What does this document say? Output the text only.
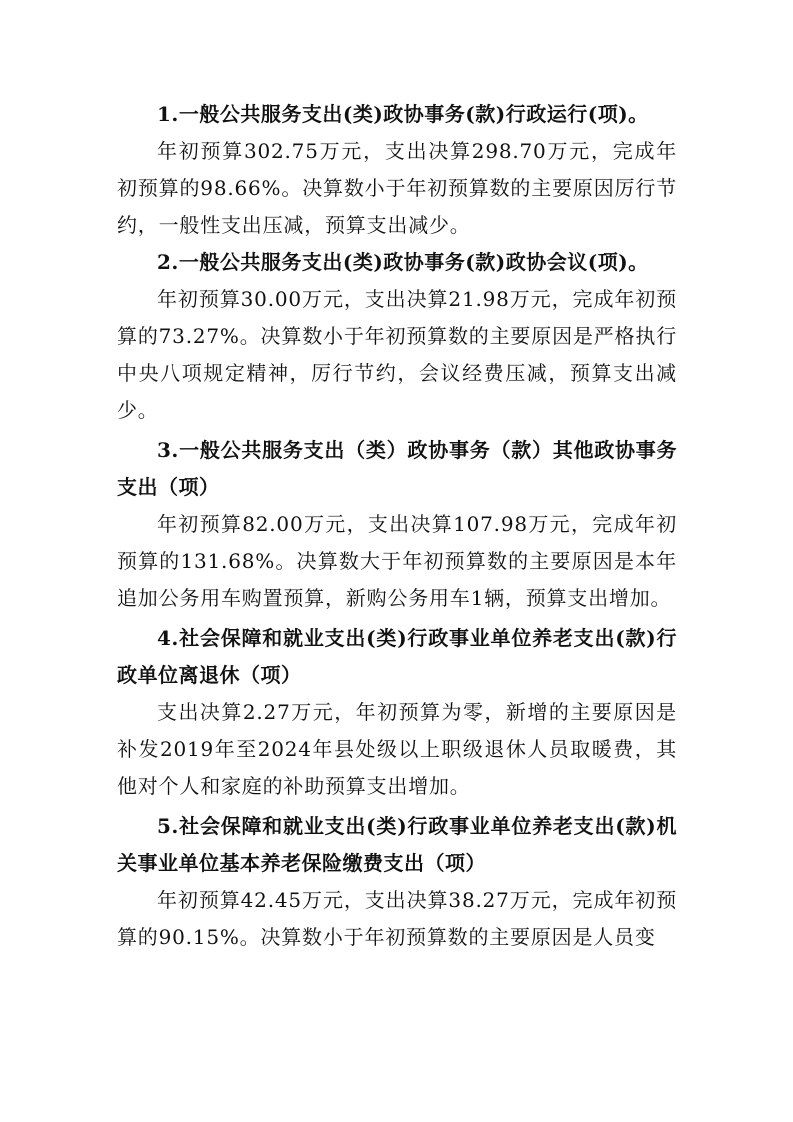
1.一般公共服务支出(类)政协事务(款)行政运行(项)。

年初预算302.75万元，支出决算298.70万元，完成年初预算的98.66%。决算数小于年初预算数的主要原因厉行节约，一般性支出压减，预算支出减少。

2.一般公共服务支出(类)政协事务(款)政协会议(项)。

年初预算30.00万元，支出决算21.98万元，完成年初预算的73.27%。决算数小于年初预算数的主要原因是严格执行中央八项规定精神，厉行节约，会议经费压减，预算支出减少。

3.一般公共服务支出（类）政协事务（款）其他政协事务支出（项）

年初预算82.00万元，支出决算107.98万元，完成年初预算的131.68%。决算数大于年初预算数的主要原因是本年追加公务用车购置预算，新购公务用车1辆，预算支出增加。

4.社会保障和就业支出(类)行政事业单位养老支出(款)行政单位离退休（项）

支出决算2.27万元，年初预算为零，新增的主要原因是补发2019年至2024年县处级以上职级退休人员取暖费，其他对个人和家庭的补助预算支出增加。

5.社会保障和就业支出(类)行政事业单位养老支出(款)机关事业单位基本养老保险缴费支出（项）

年初预算42.45万元，支出决算38.27万元，完成年初预算的90.15%。决算数小于年初预算数的主要原因是人员变
